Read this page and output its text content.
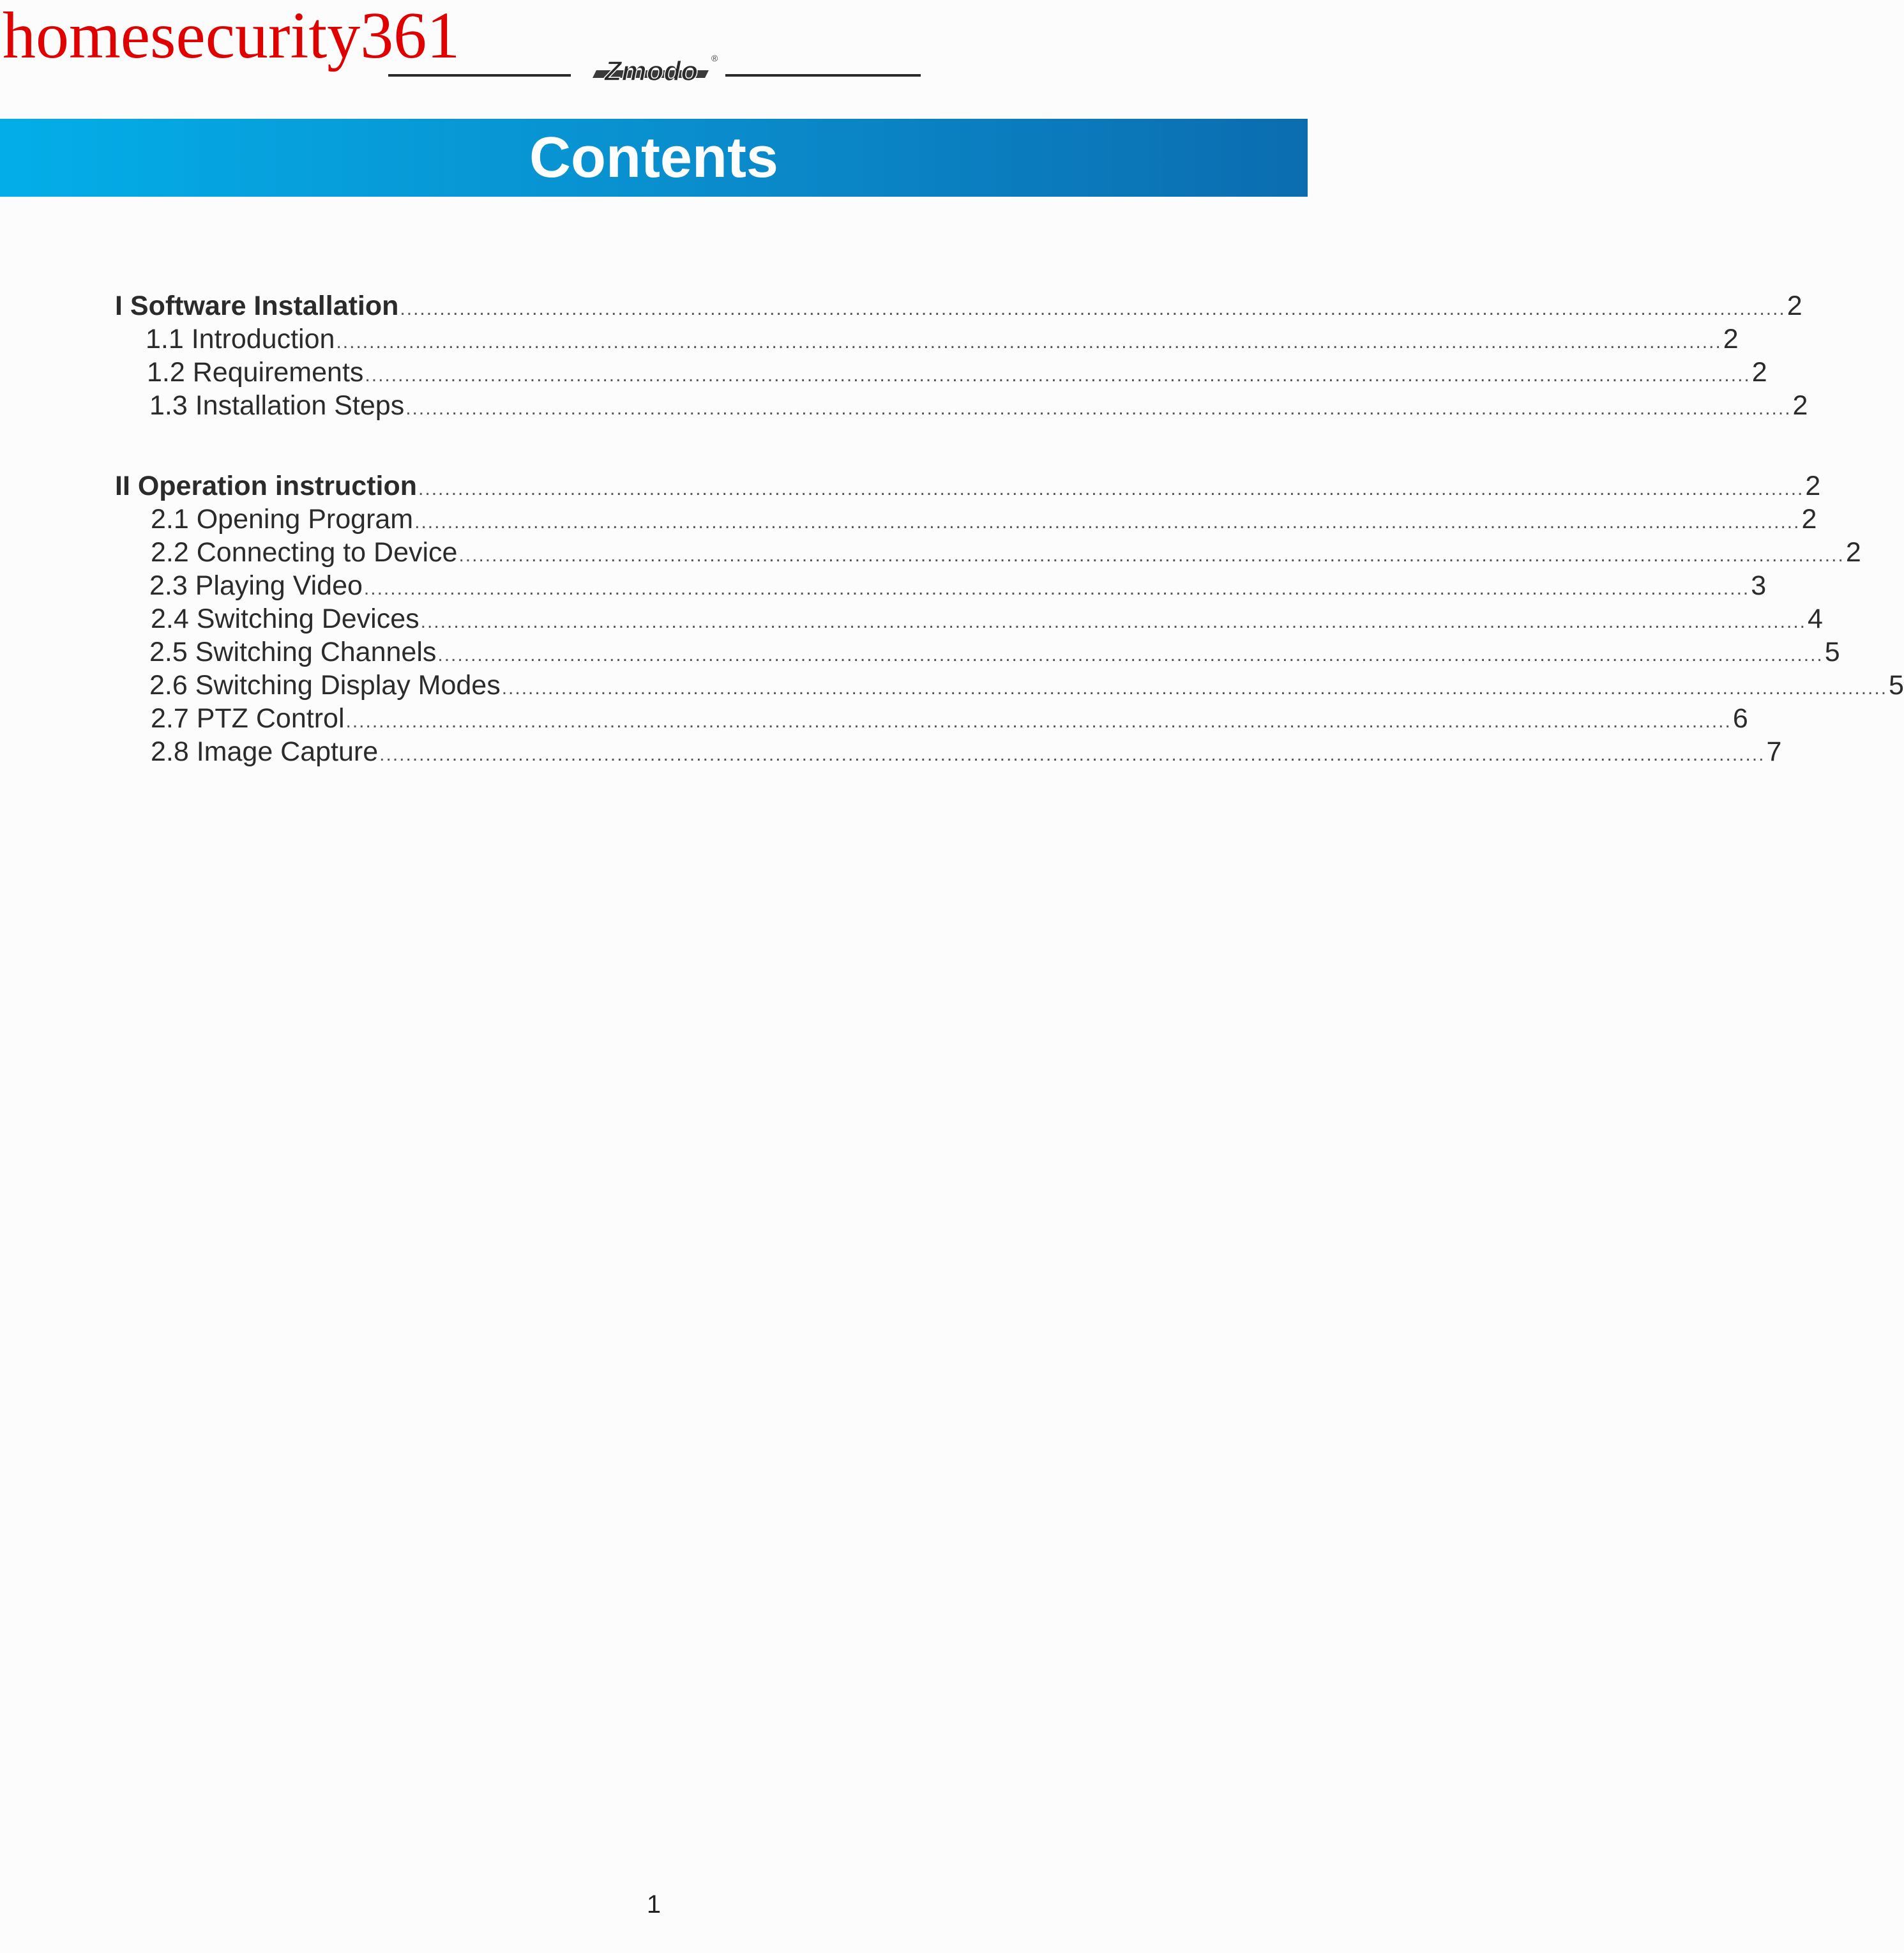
homesecurity361	Zmodo ®
Contents
I Software Installation .................................................................................................................................................................................................................. 2
1.1 Introduction .................................................................................................................................................................................................................. 2
1.2 Requirements .................................................................................................................................................................................................................. 2
1.3 Installation Steps .................................................................................................................................................................................................................. 2
II Operation instruction .................................................................................................................................................................................................................. 2
2.1 Opening Program .................................................................................................................................................................................................................. 2
2.2 Connecting to Device .................................................................................................................................................................................................................. 2
2.3 Playing Video .................................................................................................................................................................................................................. 3
2.4 Switching Devices .................................................................................................................................................................................................................. 4
2.5 Switching Channels .................................................................................................................................................................................................................. 5
2.6 Switching Display Modes .................................................................................................................................................................................................................. 5
2.7 PTZ Control .................................................................................................................................................................................................................. 6
2.8 Image Capture .................................................................................................................................................................................................................. 7
1
